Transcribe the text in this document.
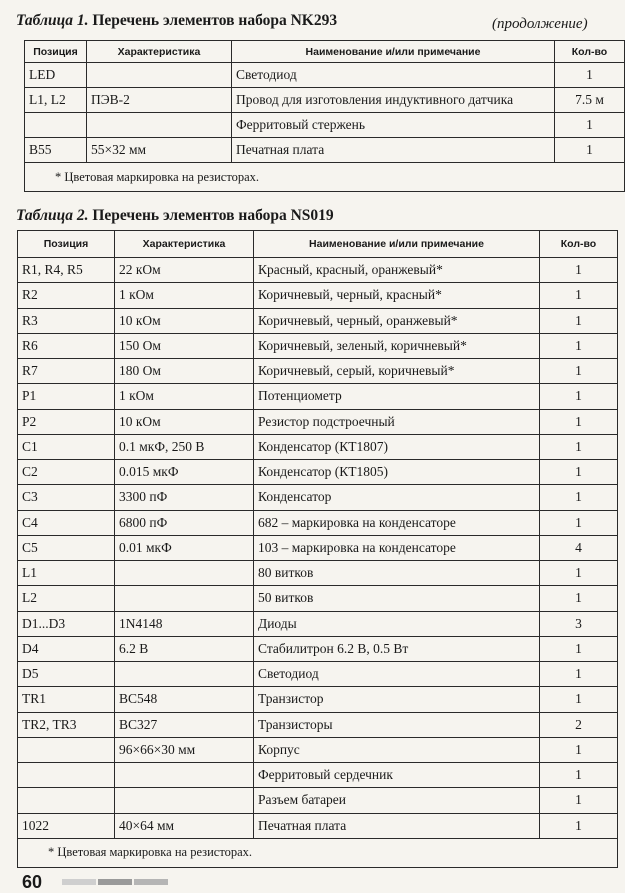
Таблица 1. Перечень элементов набора NK293	(продолжение)
Позиция	Характеристика	Наименование и/или примечание	Кол-во
LED		Светодиод	1
L1, L2	ПЭВ-2	Провод для изготовления индуктивного датчика	7.5 м
		Ферритовый стержень	1
B55	55×32 мм	Печатная плата	1
* Цветовая маркировка на резисторах.			
Таблица 2. Перечень элементов набора NS019
Позиция	Характеристика	Наименование и/или примечание	Кол-во
R1, R4, R5	22 кОм	Красный, красный, оранжевый*	1
R2	1 кОм	Коричневый, черный, красный*	1
R3	10 кОм	Коричневый, черный, оранжевый*	1
R6	150 Ом	Коричневый, зеленый, коричневый*	1
R7	180 Ом	Коричневый, серый, коричневый*	1
P1	1 кОм	Потенциометр	1
P2	10 кОм	Резистор подстроечный	1
C1	0.1 мкФ, 250 В	Конденсатор (КТ1807)	1
C2	0.015 мкФ	Конденсатор (КТ1805)	1
C3	3300 пФ	Конденсатор	1
C4	6800 пФ	682 – маркировка на конденсаторе	1
C5	0.01 мкФ	103 – маркировка на конденсаторе	4
L1		80 витков	1
L2		50 витков	1
D1...D3	1N4148	Диоды	3
D4	6.2 В	Стабилитрон 6.2 В, 0.5 Вт	1
D5		Светодиод	1
TR1	BC548	Транзистор	1
TR2, TR3	BC327	Транзисторы	2
	96×66×30 мм	Корпус	1
		Ферритовый сердечник	1
		Разъем батареи	1
1022	40×64 мм	Печатная плата	1
* Цветовая маркировка на резисторах.			
60
